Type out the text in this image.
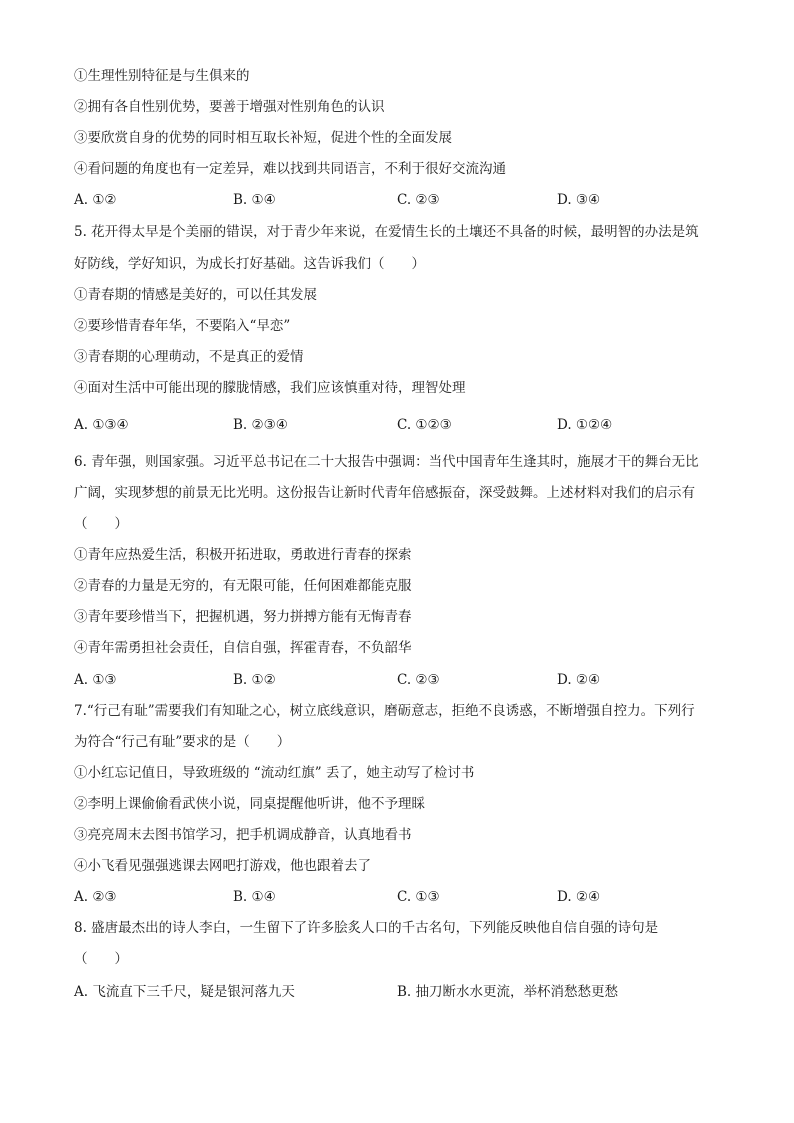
①生理性别特征是与生俱来的
②拥有各自性别优势，要善于增强对性别角色的认识
③要欣赏自身的优势的同时相互取长补短，促进个性的全面发展
④看问题的角度也有一定差异，难以找到共同语言，不利于很好交流沟通
A. ①②	B. ①④	C. ②③	D. ③④
5. 花开得太早是个美丽的错误，对于青少年来说，在爱情生长的土壤还不具备的时候，最明智的办法是筑
好防线，学好知识，为成长打好基础。这告诉我们（　　）
①青春期的情感是美好的，可以任其发展
②要珍惜青春年华，不要陷入“早恋”
③青春期的心理萌动，不是真正的爱情
④面对生活中可能出现的朦胧情感，我们应该慎重对待，理智处理
A. ①③④	B. ②③④	C. ①②③	D. ①②④
6. 青年强，则国家强。习近平总书记在二十大报告中强调：当代中国青年生逢其时，施展才干的舞台无比
广阔，实现梦想的前景无比光明。这份报告让新时代青年倍感振奋，深受鼓舞。上述材料对我们的启示有
（　　）
①青年应热爱生活，积极开拓进取，勇敢进行青春的探索
②青春的力量是无穷的，有无限可能，任何困难都能克服
③青年要珍惜当下，把握机遇，努力拼搏方能有无悔青春
④青年需勇担社会责任，自信自强，挥霍青春，不负韶华
A. ①③	B. ①②	C. ②③	D. ②④
7.“行己有耻”需要我们有知耻之心，树立底线意识，磨砺意志，拒绝不良诱惑，不断增强自控力。下列行
为符合“行己有耻”要求的是（　　）
①小红忘记值日，导致班级的 “流动红旗” 丢了，她主动写了检讨书
②李明上课偷偷看武侠小说，同桌提醒他听讲，他不予理睬
③亮亮周末去图书馆学习，把手机调成静音，认真地看书
④小飞看见强强逃课去网吧打游戏，他也跟着去了
A. ②③	B. ①④	C. ①③	D. ②④
8. 盛唐最杰出的诗人李白，一生留下了许多脍炙人口的千古名句，下列能反映他自信自强的诗句是
（　　）
A. 飞流直下三千尺，疑是银河落九天	B. 抽刀断水水更流，举杯消愁愁更愁
